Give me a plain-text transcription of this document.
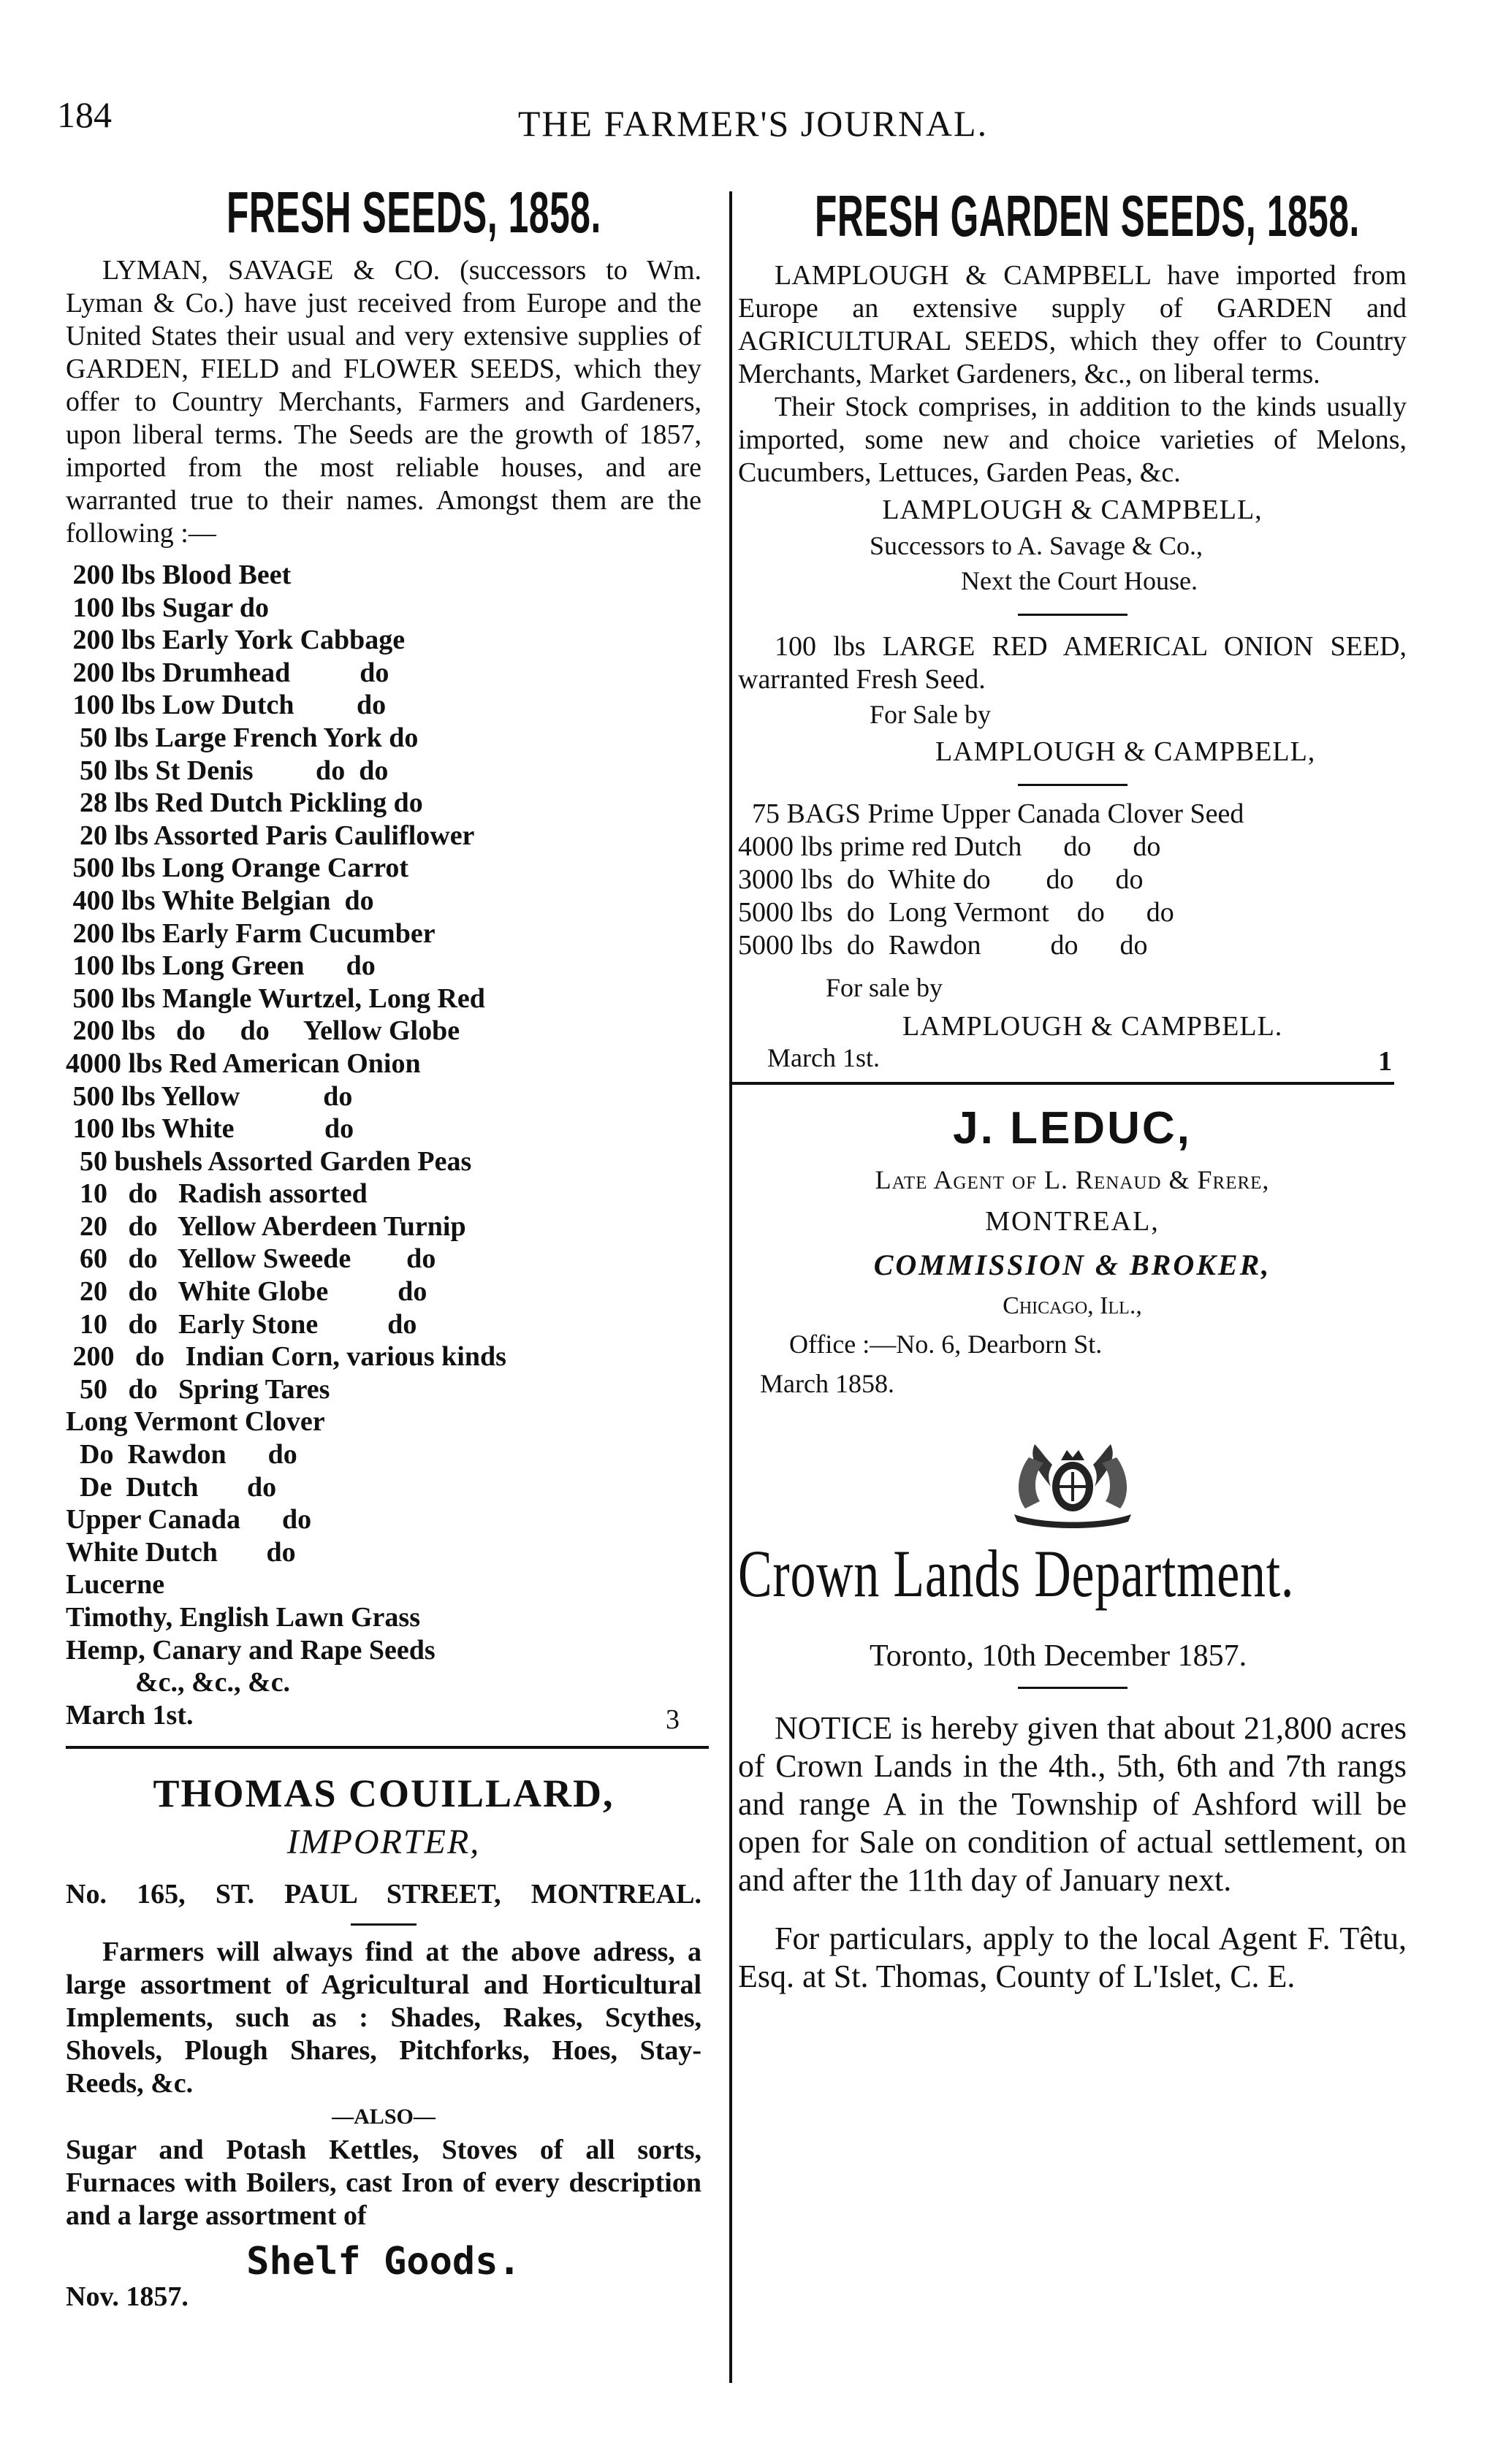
184	THE FARMER'S JOURNAL.
FRESH SEEDS, 1858.

LYMAN, SAVAGE & CO. (successors to Wm. Lyman & Co.) have just received from Europe and the United States their usual and very extensive supplies of GARDEN, FIELD and FLOWER SEEDS, which they offer to Country Merchants, Farmers and Gardeners, upon liberal terms. The Seeds are the growth of 1857, imported from the most reliable houses, and are warranted true to their names. Amongst them are the following :—

200 lbs Blood Beet
100 lbs Sugar do
200 lbs Early York Cabbage
200 lbs Drumhead          do
100 lbs Low Dutch         do
50 lbs Large French York do
50 lbs St Denis         do  do
28 lbs Red Dutch Pickling do
20 lbs Assorted Paris Cauliflower
500 lbs Long Orange Carrot
400 lbs White Belgian  do
200 lbs Early Farm Cucumber
100 lbs Long Green      do
500 lbs Mangle Wurtzel, Long Red
200 lbs   do     do     Yellow Globe
4000 lbs Red American Onion
500 lbs Yellow            do
100 lbs White             do
50 bushels Assorted Garden Peas
10   do   Radish assorted
20   do   Yellow Aberdeen Turnip
60   do   Yellow Sweede        do
20   do   White Globe          do
10   do   Early Stone          do
200   do   Indian Corn, various kinds
50   do   Spring Tares
Long Vermont Clover
Do  Rawdon      do
De  Dutch       do
Upper Canada      do
White Dutch       do
Lucerne
Timothy, English Lawn Grass
Hemp, Canary and Rape Seeds
&c., &c., &c.
March 1st.	3
THOMAS COUILLARD,
IMPORTER,
No. 165, ST. PAUL STREET, MONTREAL.

Farmers will always find at the above adress, a large assortment of Agricultural and Horticultural Implements, such as : Shades, Rakes, Scythes, Shovels, Plough Shares, Pitchforks, Hoes, Stay-Reeds, &c.

—ALSO—

Sugar and Potash Kettles, Stoves of all sorts, Furnaces with Boilers, cast Iron of every description and a large assortment of

Shelf Goods.
Nov. 1857.
FRESH GARDEN SEEDS, 1858.

LAMPLOUGH & CAMPBELL have imported from Europe an extensive supply of GARDEN and AGRICULTURAL SEEDS, which they offer to Country Merchants, Market Gardeners, &c., on liberal terms.

Their Stock comprises, in addition to the kinds usually imported, some new and choice varieties of Melons, Cucumbers, Lettuces, Garden Peas, &c.

LAMPLOUGH & CAMPBELL,
Successors to A. Savage & Co.,
Next the Court House.

100 lbs LARGE RED AMERICAL ONION SEED, warranted Fresh Seed.

For Sale by
LAMPLOUGH & CAMPBELL,
75 BAGS Prime Upper Canada Clover Seed
4000 lbs prime red Dutch      do      do
3000 lbs  do  White do        do      do
5000 lbs  do  Long Vermont    do      do
5000 lbs  do  Rawdon          do      do
For sale by
LAMPLOUGH & CAMPBELL.
March 1st.	1
J. LEDUC,
Late Agent of L. Renaud & Frere,
MONTREAL,
COMMISSION & BROKER,
Chicago, Ill.,
Office :—No. 6, Dearborn St.
March 1858.
Crown Lands Department.
Toronto, 10th December 1857.

NOTICE is hereby given that about 21,800 acres of Crown Lands in the 4th., 5th, 6th and 7th rangs and range A in the Township of Ashford will be open for Sale on condition of actual settlement, on and after the 11th day of January next.

For particulars, apply to the local Agent F. Têtu, Esq. at St. Thomas, County of L'Islet, C. E.
